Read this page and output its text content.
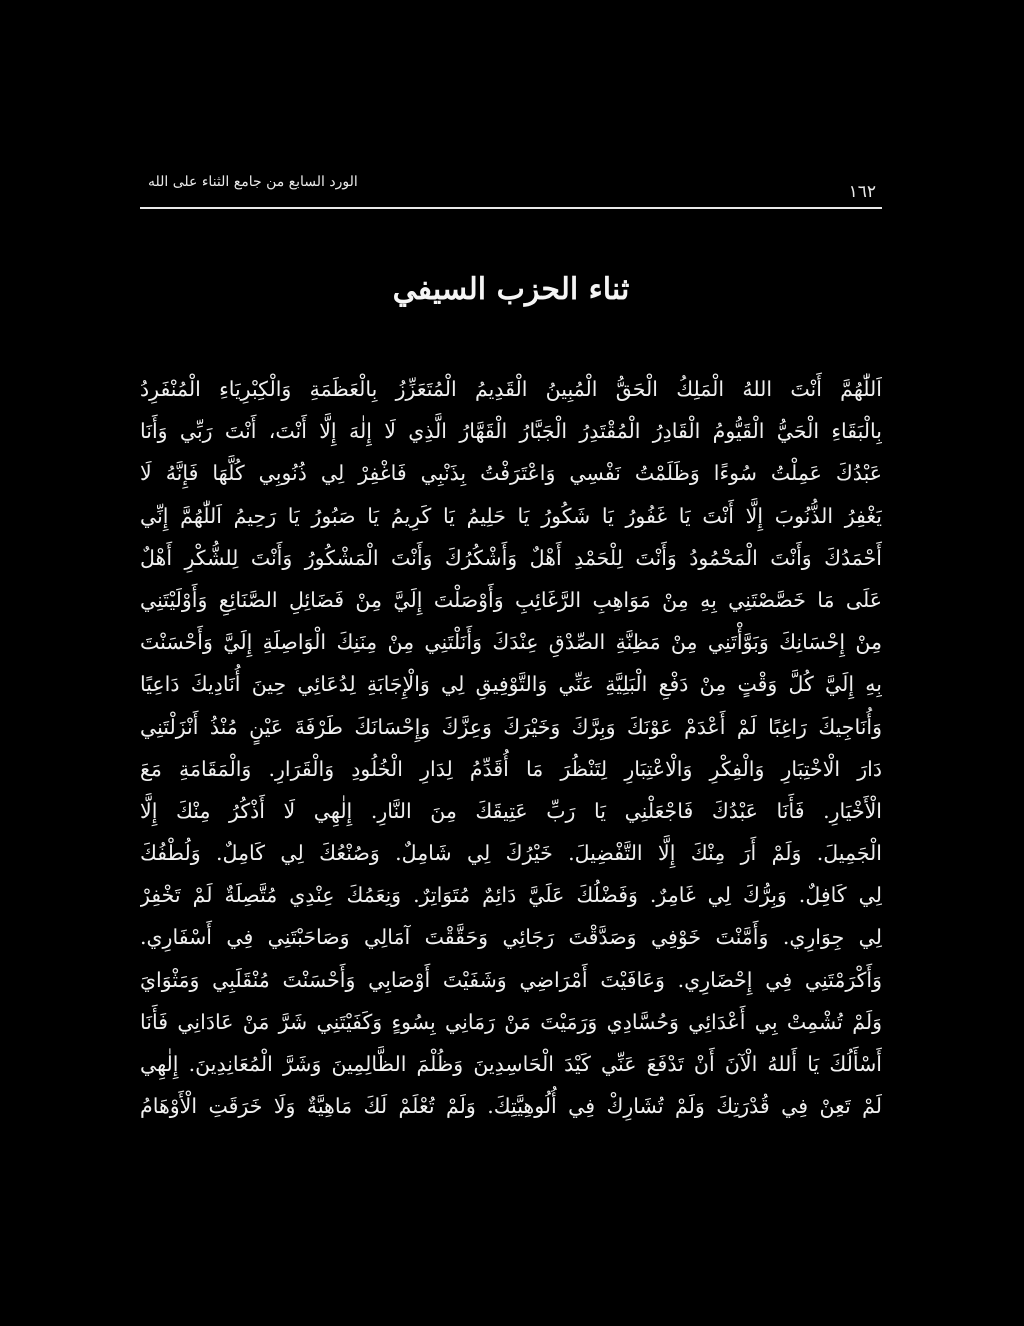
الورد السابع من جامع الثناء على الله	١٦٢
ثناء الحزب السيفي
اَللّٰهُمَّ أَنْتَ اللهُ الْمَلِكُ الْحَقُّ الْمُبِينُ الْقَدِيمُ الْمُتَعَزِّزُ بِالْعَظَمَةِ وَالْكِبْرِيَاءِ الْمُنْفَرِدُ
بِالْبَقَاءِ الْحَيُّ الْقَيُّومُ الْقَادِرُ الْمُقْتَدِرُ الْجَبَّارُ الْقَهَّارُ الَّذِي لَا إِلٰهَ إِلَّا أَنْتَ، أَنْتَ رَبِّي وَأَنَا
عَبْدُكَ عَمِلْتُ سُوءًا وَظَلَمْتُ نَفْسِي وَاعْتَرَفْتُ بِذَنْبِي فَاغْفِرْ لِي ذُنُوبِي كُلَّهَا فَإِنَّهُ لَا
يَغْفِرُ الذُّنُوبَ إِلَّا أَنْتَ يَا غَفُورُ يَا شَكُورُ يَا حَلِيمُ يَا كَرِيمُ يَا صَبُورُ يَا رَحِيمُ اَللّٰهُمَّ إِنِّي
أَحْمَدُكَ وَأَنْتَ الْمَحْمُودُ وَأَنْتَ لِلْحَمْدِ أَهْلٌ وَأَشْكُرُكَ وَأَنْتَ الْمَشْكُورُ وَأَنْتَ لِلشُّكْرِ أَهْلٌ
عَلَى مَا خَصَّصْتَنِي بِهِ مِنْ مَوَاهِبِ الرَّغَائِبِ وَأَوْصَلْتَ إِلَيَّ مِنْ فَضَائِلِ الصَّنَائِعِ وَأَوْلَيْتَنِي
مِنْ إِحْسَانِكَ وَبَوَّأْتَنِي مِنْ مَظِنَّةِ الصِّدْقِ عِنْدَكَ وَأَنَلْتَنِي مِنْ مِنَنِكَ الْوَاصِلَةِ إِلَيَّ وَأَحْسَنْتَ
بِهِ إِلَيَّ كُلَّ وَقْتٍ مِنْ دَفْعِ الْبَلِيَّةِ عَنِّي وَالتَّوْفِيقِ لِي وَالْإِجَابَةِ لِدُعَائِي حِينَ أُنَادِيكَ دَاعِيًا
وَأُنَاجِيكَ رَاغِبًا لَمْ أَعْدَمْ عَوْنَكَ وَبِرَّكَ وَخَيْرَكَ وَعِزَّكَ وَإِحْسَانَكَ طَرْفَةَ عَيْنٍ مُنْذُ أَنْزَلْتَنِي
دَارَ الْاخْتِبَارِ وَالْفِكْرِ وَالْاعْتِبَارِ لِتَنْظُرَ مَا أُقَدِّمُ لِدَارِ الْخُلُودِ وَالْقَرَارِ. وَالْمَقَامَةِ مَعَ
الْأَخْيَارِ. فَأَنَا عَبْدُكَ فَاجْعَلْنِي يَا رَبِّ عَتِيقَكَ مِنَ النَّارِ. إِلٰهِي لَا أَذْكُرُ مِنْكَ إِلَّا
الْجَمِيلَ. وَلَمْ أَرَ مِنْكَ إِلَّا التَّفْضِيلَ. خَيْرُكَ لِي شَامِلٌ. وَصُنْعُكَ لِي كَامِلٌ. وَلُطْفُكَ
لِي كَافِلٌ. وَبِرُّكَ لِي غَامِرٌ. وَفَضْلُكَ عَلَيَّ دَائِمٌ مُتَوَاتِرٌ. وَنِعَمُكَ عِنْدِي مُتَّصِلَةٌ لَمْ تَخْفِرْ
لِي جِوَارِي. وَأَمَّنْتَ خَوْفِي وَصَدَّقْتَ رَجَائِي وَحَقَّقْتَ آمَالِي وَصَاحَبْتَنِي فِي أَسْفَارِي.
وَأَكْرَمْتَنِي فِي إِحْضَارِي. وَعَافَيْتَ أَمْرَاضِي وَشَفَيْتَ أَوْصَابِي وَأَحْسَنْتَ مُنْقَلَبِي وَمَثْوَايَ
وَلَمْ تُشْمِتْ بِي أَعْدَائِي وَحُسَّادِي وَرَمَيْتَ مَنْ رَمَانِي بِسُوءٍ وَكَفَيْتَنِي شَرَّ مَنْ عَادَانِي فَأَنَا
أَسْأَلُكَ يَا أَللهُ الْآنَ أَنْ تَدْفَعَ عَنِّي كَيْدَ الْحَاسِدِينَ وَظُلْمَ الظَّالِمِينَ وَشَرَّ الْمُعَانِدِينَ. إِلٰهِي
لَمْ تَعِنْ فِي قُدْرَتِكَ وَلَمْ تُشَارِكْ فِي أُلُوهِيَّتِكَ. وَلَمْ تُعْلَمْ لَكَ مَاهِيَّةٌ وَلَا خَرَقَتِ الْأَوْهَامُ
